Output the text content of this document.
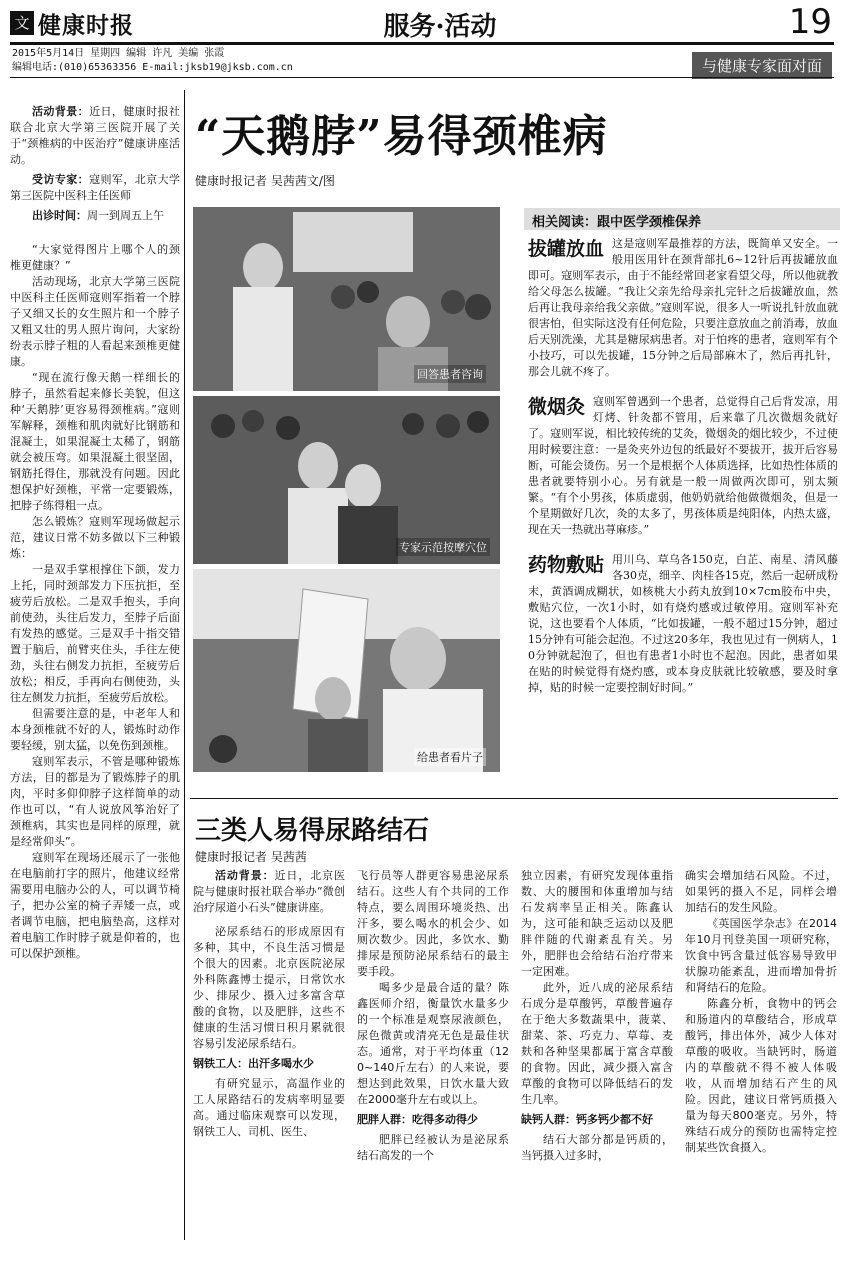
文 健康时报	服务·活动	19
2015年5月14日 星期四 编辑 许凡 美编 张霞
编辑电话:(010)65363356 E-mail:jksb19@jksb.com.cn	与健康专家面对面

活动背景：近日，健康时报社联合北京大学第三医院开展了关于“颈椎病的中医治疗”健康讲座活动。

受访专家：寇则军，北京大学第三医院中医科主任医师

出诊时间：周一到周五上午

“大家觉得图片上哪个人的颈椎更健康？”

活动现场，北京大学第三医院中医科主任医师寇则军指着一个脖子又细又长的女生照片和一个脖子又粗又壮的男人照片询问，大家纷纷表示脖子粗的人看起来颈椎更健康。

“现在流行像天鹅一样细长的脖子，虽然看起来修长美貌，但这种‘天鹅脖’更容易得颈椎病。”寇则军解释，颈椎和肌肉就好比钢筋和混凝土，如果混凝土太稀了，钢筋就会被压弯。如果混凝土很坚固，钢筋托得住，那就没有问题。因此想保护好颈椎，平常一定要锻炼，把脖子练得粗一点。

怎么锻炼？寇则军现场做起示范，建议日常不妨多做以下三种锻炼：

一是双手掌根撑住下颌，发力上托，同时颈部发力下压抗拒，至疲劳后放松。二是双手抱头，手向前使劲，头往后发力，至脖子后面有发热的感觉。三是双手十指交错置于脑后，前臂夹住头，手往左使劲，头往右侧发力抗拒，至疲劳后放松；相反，手再向右侧使劲，头往左侧发力抗拒，至疲劳后放松。

但需要注意的是，中老年人和本身颈椎就不好的人，锻炼时动作要轻缓，别太猛，以免伤到颈椎。

寇则军表示，不管是哪种锻炼方法，目的都是为了锻炼脖子的肌肉，平时多仰仰脖子这样简单的动作也可以，“有人说放风筝治好了颈椎病，其实也是同样的原理，就是经常仰头”。

寇则军在现场还展示了一张他在电脑前打字的照片，他建议经常需要用电脑办公的人，可以调节椅子，把办公室的椅子弄矮一点，或者调节电脑，把电脑垫高，这样对着电脑工作时脖子就是仰着的，也可以保护颈椎。

“天鹅脖”易得颈椎病
健康时报记者 吴茜茜文/图
回答患者咨询
专家示范按摩穴位
给患者看片子
相关阅读：跟中医学颈椎保养
拔罐放血 这是寇则军最推荐的方法，既简单又安全。一般用医用针在颈背部扎6~12针后再拔罐放血即可。寇则军表示，由于不能经常回老家看望父母，所以他就教给父母怎么拔罐。“我让父亲先给母亲扎完针之后拔罐放血，然后再让我母亲给我父亲做。”寇则军说，很多人一听说扎针放血就很害怕，但实际这没有任何危险，只要注意放血之前消毒，放血后天别洗澡，尤其是糖尿病患者。对于怕疼的患者，寇则军有个小技巧，可以先拔罐，15分钟之后局部麻木了，然后再扎针，那会儿就不疼了。
微烟灸 寇则军曾遇到一个患者，总觉得自己后背发凉，用灯烤、针灸都不管用，后来靠了几次微烟灸就好了。寇则军说，相比较传统的艾灸，微烟灸的烟比较少，不过使用时候要注意：一是灸夹外边包的纸最好不要拔开，拔开后容易断，可能会烫伤。另一个是根据个人体质选择，比如热性体质的患者就要特别小心。另有就是一般一周做两次即可，别太频繁。“有个小男孩，体质虚弱，他奶奶就给他做微烟灸，但是一个星期做好几次，灸的太多了，男孩体质是纯阳体，内热太盛，现在天一热就出荨麻疹。”
药物敷贴 用川乌、草乌各150克，白芷、南星、清风藤各30克，细辛、肉桂各15克，然后一起研成粉末，黄酒调成糊状，如核桃大小药丸放到10×7cm胶布中央，敷贴穴位，一次1小时，如有烧灼感或过敏停用。寇则军补充说，这也要看个人体质，“比如拔罐，一般不超过15分钟，超过15分钟有可能会起泡。不过这20多年，我也见过有一例病人，10分钟就起泡了，但也有患者1小时也不起泡。因此，患者如果在贴的时候觉得有烧灼感，或本身皮肤就比较敏感，要及时拿掉，贴的时候一定要控制好时间。”
三类人易得尿路结石
健康时报记者 吴茜茜

活动背景：近日，北京医院与健康时报社联合举办“微创治疗尿道小石头”健康讲座。

泌尿系结石的形成原因有多种，其中，不良生活习惯是个很大的因素。北京医院泌尿外科陈鑫博士提示，日常饮水少、排尿少、摄入过多富含草酸的食物，以及肥胖，这些不健康的生活习惯日积月累就很容易引发泌尿系结石。

钢铁工人：出汗多喝水少

有研究显示，高温作业的工人尿路结石的发病率明显要高。通过临床观察可以发现，钢铁工人、司机、医生、

飞行员等人群更容易患泌尿系结石。这些人有个共同的工作特点，要么周围环境炎热、出汗多，要么喝水的机会少、如厕次数少。因此，多饮水、勤排尿是预防泌尿系结石的最主要手段。

喝多少是最合适的量？陈鑫医师介绍，衡量饮水量多少的一个标准是观察尿液颜色，尿色微黄或清亮无色是最佳状态。通常，对于平均体重（120~140斤左右）的人来说，要想达到此效果，日饮水量大致在2000毫升左右或以上。

肥胖人群：吃得多动得少

肥胖已经被认为是泌尿系结石高发的一个

独立因素，有研究发现体重指数、大的腰围和体重增加与结石发病率呈正相关。陈鑫认为，这可能和缺乏运动以及肥胖伴随的代谢紊乱有关。另外，肥胖也会给结石治疗带来一定困难。

此外，近八成的泌尿系结石成分是草酸钙，草酸普遍存在于绝大多数蔬果中，菠菜、甜菜、茶、巧克力、草莓、麦麸和各种坚果都属于富含草酸的食物。因此，减少摄入富含草酸的食物可以降低结石的发生几率。

缺钙人群：钙多钙少都不好

结石大部分都是钙质的，当钙摄入过多时，

确实会增加结石风险。不过，如果钙的摄入不足，同样会增加结石的发生风险。

《英国医学杂志》在2014年10月刊登美国一项研究称，饮食中钙含量过低容易导致甲状腺功能紊乱，进而增加骨折和肾结石的危险。

陈鑫分析，食物中的钙会和肠道内的草酸结合，形成草酸钙，排出体外，减少人体对草酸的吸收。当缺钙时，肠道内的草酸就不得不被人体吸收，从而增加结石产生的风险。因此，建议日常钙质摄入量为每天800毫克。另外，特殊结石成分的预防也需特定控制某些饮食摄入。
